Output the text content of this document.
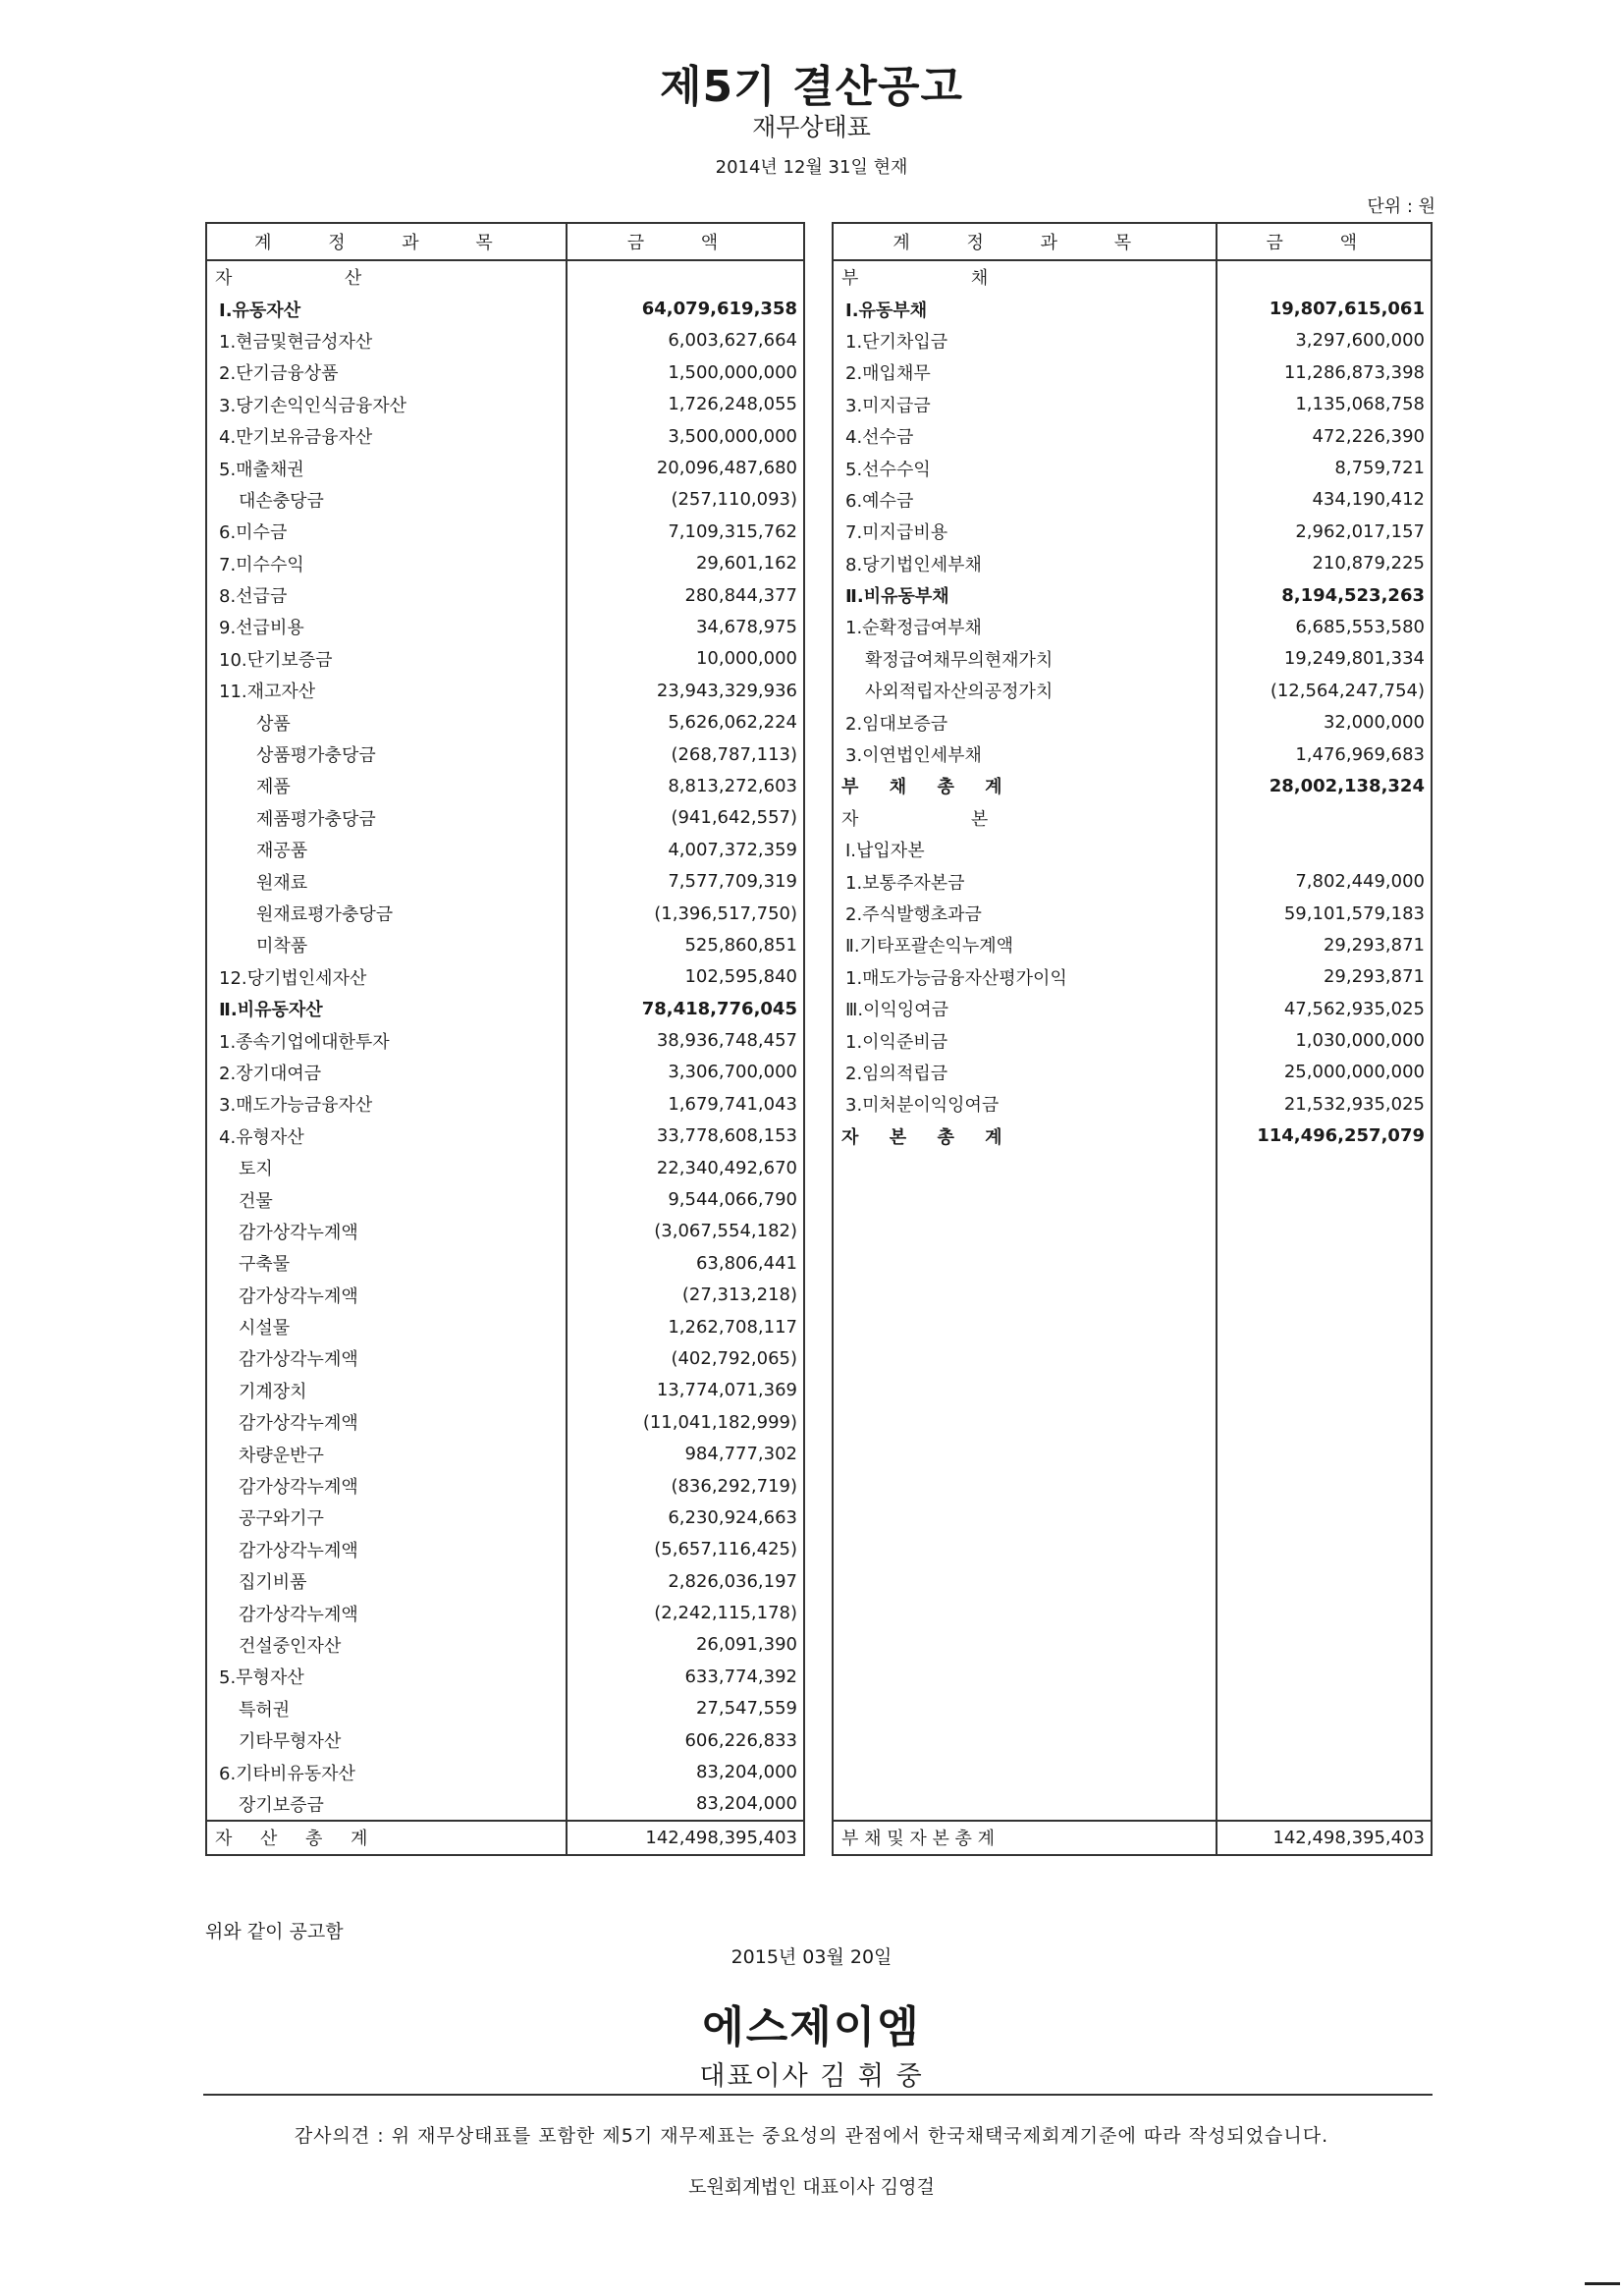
제5기 결산공고
재무상태표
2014년 12월 31일 현재
단위 : 원
계 정 과 목	금 액
자                    산	
Ⅰ.유동자산	64,079,619,358
1.현금및현금성자산	6,003,627,664
2.단기금융상품	1,500,000,000
3.당기손익인식금융자산	1,726,248,055
4.만기보유금융자산	3,500,000,000
5.매출채권	20,096,487,680
대손충당금	(257,110,093)
6.미수금	7,109,315,762
7.미수수익	29,601,162
8.선급금	280,844,377
9.선급비용	34,678,975
10.단기보증금	10,000,000
11.재고자산	23,943,329,936
상품	5,626,062,224
상품평가충당금	(268,787,113)
제품	8,813,272,603
제품평가충당금	(941,642,557)
재공품	4,007,372,359
원재료	7,577,709,319
원재료평가충당금	(1,396,517,750)
미착품	525,860,851
12.당기법인세자산	102,595,840
Ⅱ.비유동자산	78,418,776,045
1.종속기업에대한투자	38,936,748,457
2.장기대여금	3,306,700,000
3.매도가능금융자산	1,679,741,043
4.유형자산	33,778,608,153
토지	22,340,492,670
건물	9,544,066,790
감가상각누계액	(3,067,554,182)
구축물	63,806,441
감가상각누계액	(27,313,218)
시설물	1,262,708,117
감가상각누계액	(402,792,065)
기계장치	13,774,071,369
감가상각누계액	(11,041,182,999)
차량운반구	984,777,302
감가상각누계액	(836,292,719)
공구와기구	6,230,924,663
감가상각누계액	(5,657,116,425)
집기비품	2,826,036,197
감가상각누계액	(2,242,115,178)
건설중인자산	26,091,390
5.무형자산	633,774,392
특허권	27,547,559
기타무형자산	606,226,833
6.기타비유동자산	83,204,000
장기보증금	83,204,000
자     산     총     계	142,498,395,403
계 정 과 목	금 액
부                    채	
Ⅰ.유동부채	19,807,615,061
1.단기차입금	3,297,600,000
2.매입채무	11,286,873,398
3.미지급금	1,135,068,758
4.선수금	472,226,390
5.선수수익	8,759,721
6.예수금	434,190,412
7.미지급비용	2,962,017,157
8.당기법인세부채	210,879,225
Ⅱ.비유동부채	8,194,523,263
1.순확정급여부채	6,685,553,580
확정급여채무의현재가치	19,249,801,334
사외적립자산의공정가치	(12,564,247,754)
2.임대보증금	32,000,000
3.이연법인세부채	1,476,969,683
부     채     총     계	28,002,138,324
자                    본	
Ⅰ.납입자본	
1.보통주자본금	7,802,449,000
2.주식발행초과금	59,101,579,183
Ⅱ.기타포괄손익누계액	29,293,871
1.매도가능금융자산평가이익	29,293,871
Ⅲ.이익잉여금	47,562,935,025
1.이익준비금	1,030,000,000
2.임의적립금	25,000,000,000
3.미처분이익잉여금	21,532,935,025
자     본     총     계	114,496,257,079

부 채 및 자 본 총 계	142,498,395,403
위와 같이 공고함
2015년 03월 20일
에스제이엠
대표이사 김 휘 중
감사의견 : 위 재무상태표를 포함한 제5기 재무제표는 중요성의 관점에서 한국채택국제회계기준에 따라 작성되었습니다.
도원회계법인 대표이사 김영걸
